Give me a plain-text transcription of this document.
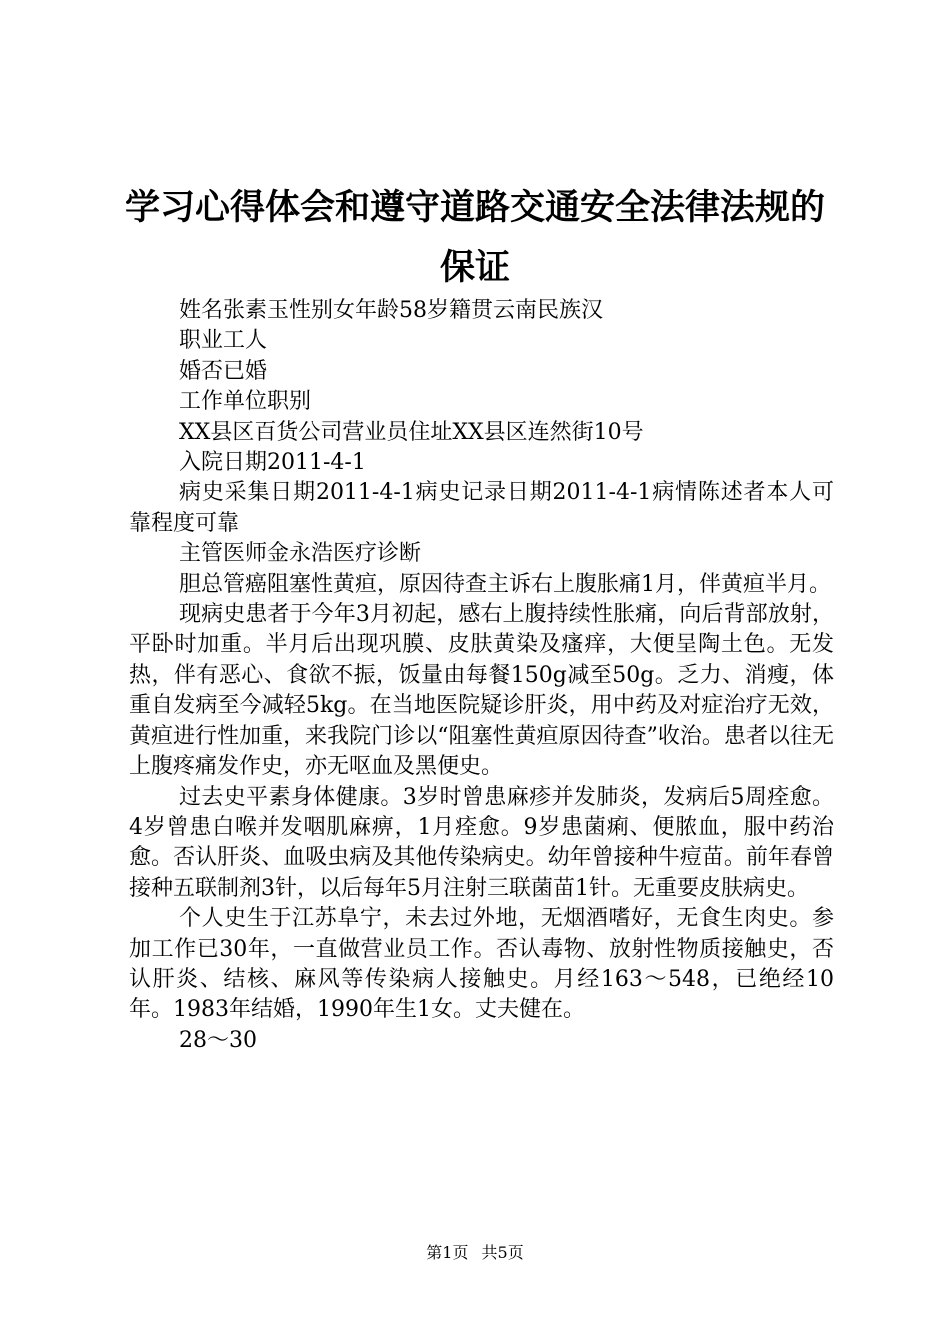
学习心得体会和遵守道路交通安全法律法规的
保证

姓名张素玉性别女年龄58岁籍贯云南民族汉

职业工人

婚否已婚

工作单位职别

XX县区百货公司营业员住址XX县区连然街10号

入院日期2011-4-1

病史采集日期2011-4-1病史记录日期2011-4-1病情陈述者本人可靠程度可靠

主管医师金永浩医疗诊断

胆总管癌阻塞性黄疸，原因待查主诉右上腹胀痛1月，伴黄疸半月。

现病史患者于今年3月初起，感右上腹持续性胀痛，向后背部放射，平卧时加重。半月后出现巩膜、皮肤黄染及瘙痒，大便呈陶土色。无发热，伴有恶心、食欲不振，饭量由每餐150g减至50g。乏力、消瘦，体重自发病至今减轻5kg。在当地医院疑诊肝炎，用中药及对症治疗无效，黄疸进行性加重，来我院门诊以“阻塞性黄疸原因待查”收治。患者以往无上腹疼痛发作史，亦无呕血及黑便史。

过去史平素身体健康。3岁时曾患麻疹并发肺炎，发病后5周痊愈。4岁曾患白喉并发咽肌麻痹，1月痊愈。9岁患菌痢、便脓血，服中药治愈。否认肝炎、血吸虫病及其他传染病史。幼年曾接种牛痘苗。前年春曾接种五联制剂3针，以后每年5月注射三联菌苗1针。无重要皮肤病史。

个人史生于江苏阜宁，未去过外地，无烟酒嗜好，无食生肉史。参加工作已30年，一直做营业员工作。否认毒物、放射性物质接触史，否认肝炎、结核、麻风等传染病人接触史。月经163～548，已绝经10年。1983年结婚，1990年生1女。丈夫健在。

28～30

第1页 共5页
